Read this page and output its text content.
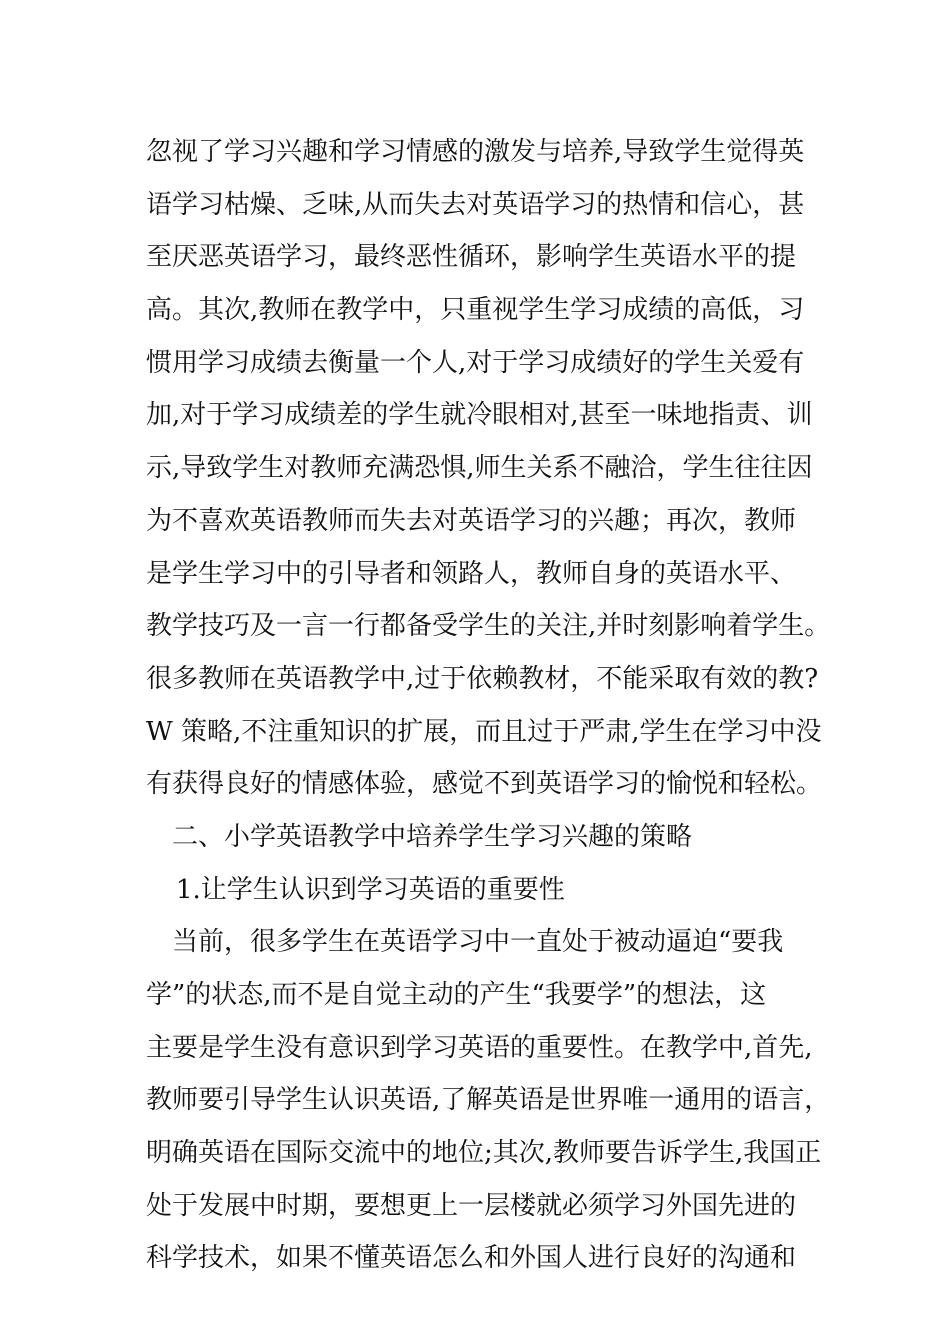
忽视了学习兴趣和学习情感的激发与培养,导致学生觉得英
语学习枯燥、乏味,从而失去对英语学习的热情和信心，甚
至厌恶英语学习，最终恶性循环，影响学生英语水平的提
高。其次,教师在教学中，只重视学生学习成绩的高低，习
惯用学习成绩去衡量一个人,对于学习成绩好的学生关爱有
加,对于学习成绩差的学生就冷眼相对,甚至一味地指责、训
示,导致学生对教师充满恐惧,师生关系不融洽，学生往往因
为不喜欢英语教师而失去对英语学习的兴趣；再次，教师
是学生学习中的引导者和领路人，教师自身的英语水平、
教学技巧及一言一行都备受学生的关注,并时刻影响着学生。
很多教师在英语教学中,过于依赖教材，不能采取有效的教?
W 策略,不注重知识的扩展，而且过于严肃,学生在学习中没
有获得良好的情感体验，感觉不到英语学习的愉悦和轻松。
二、小学英语教学中培养学生学习兴趣的策略
1.让学生认识到学习英语的重要性
当前，很多学生在英语学习中一直处于被动逼迫“要我
学”的状态,而不是自觉主动的产生“我要学”的想法，这
主要是学生没有意识到学习英语的重要性。在教学中,首先,
教师要引导学生认识英语,了解英语是世界唯一通用的语言，
明确英语在国际交流中的地位;其次,教师要告诉学生,我国正
处于发展中时期，要想更上一层楼就必须学习外国先进的
科学技术，如果不懂英语怎么和外国人进行良好的沟通和
